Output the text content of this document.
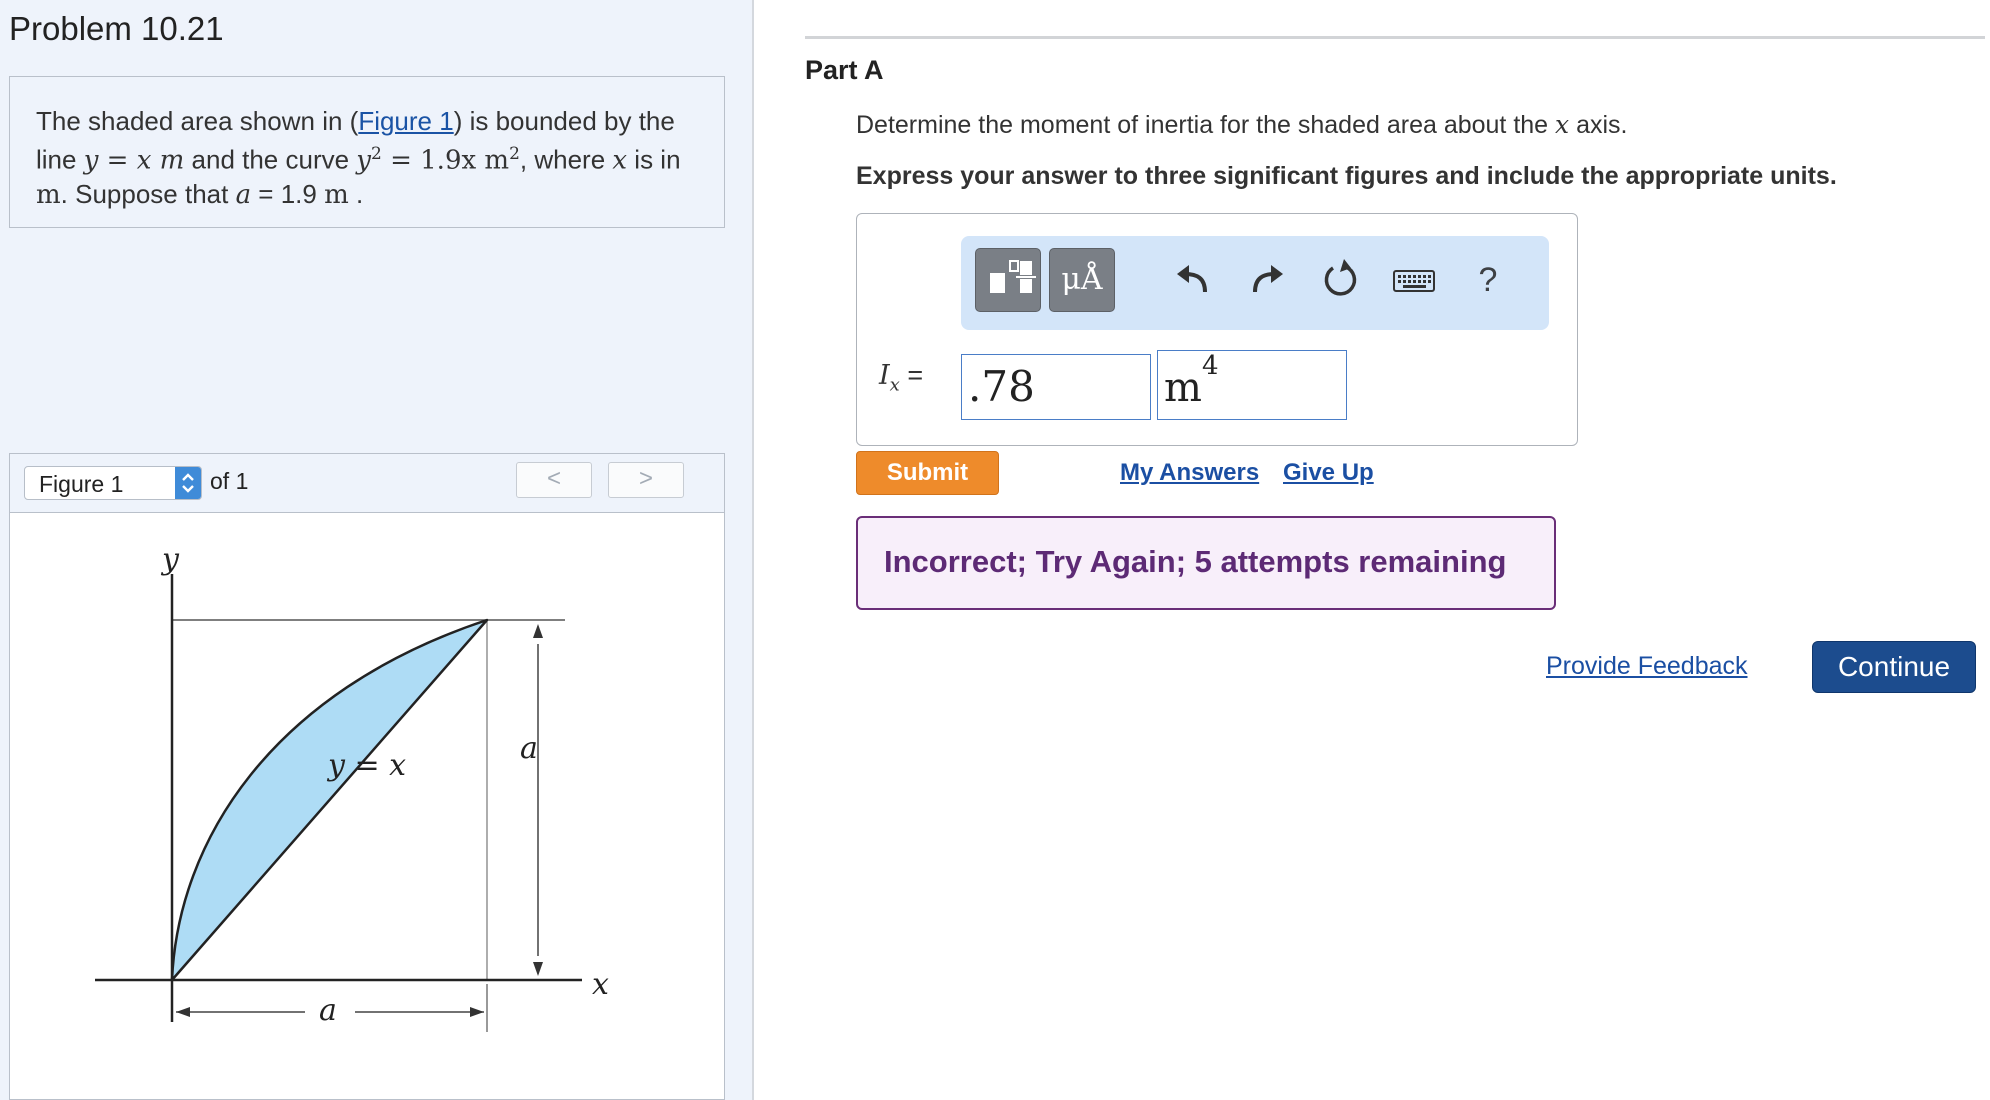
Problem 10.21
The shaded area shown in (Figure 1) is bounded by the line y = x m and the curve $y^2 = 1.9x$ $m^2$, where x is in m. Suppose that a = 1.9 m .
Figure 1	of 1	<	>
y
x
y = x	a
a
Part A
Determine the moment of inertia for the shaded area about the x axis.
Express your answer to three significant figures and include the appropriate units.
μÅ	?
$I_x = .78$	m 4
Submit	My Answers Give Up
Incorrect; Try Again; 5 attempts remaining
Provide Feedback	Continue
